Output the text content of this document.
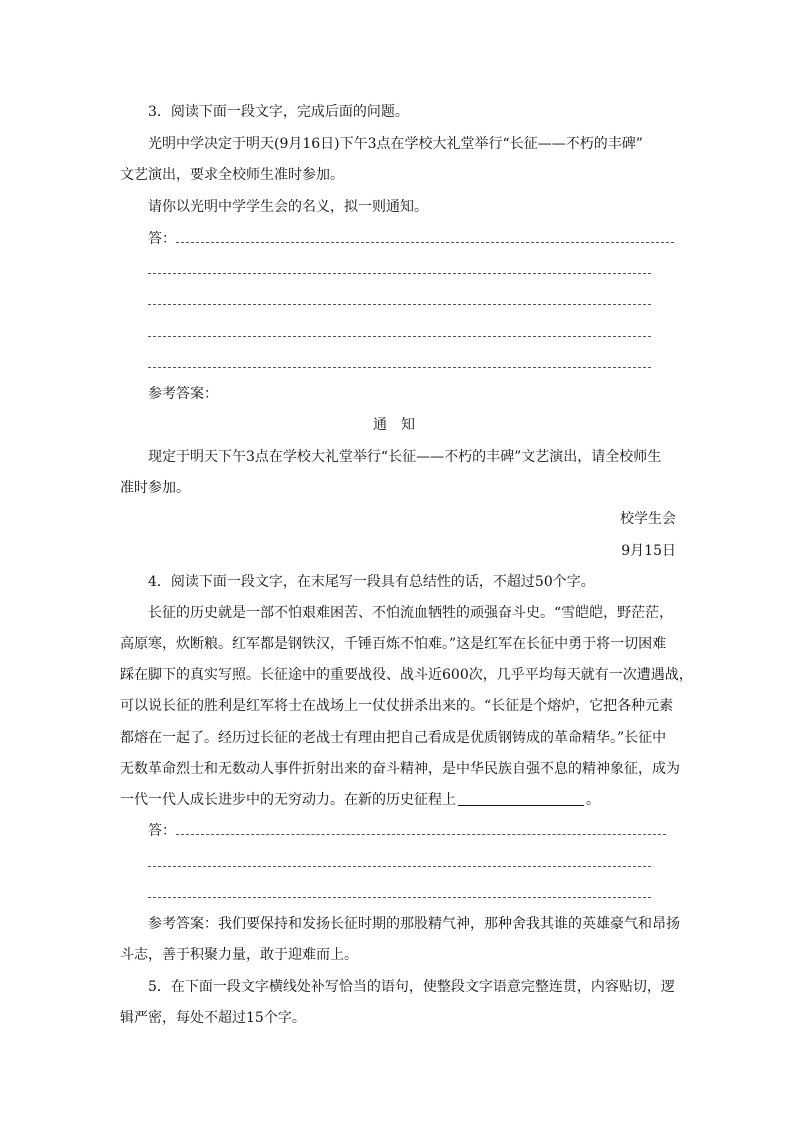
3．阅读下面一段文字，完成后面的问题。
光明中学决定于明天(9月16日)下午3点在学校大礼堂举行“长征——不朽的丰碑”
文艺演出，要求全校师生准时参加。
请你以光明中学学生会的名义，拟一则通知。
答：
参考答案：
通知
现定于明天下午3点在学校大礼堂举行“长征——不朽的丰碑”文艺演出，请全校师生
准时参加。
校学生会
9月15日
4．阅读下面一段文字，在末尾写一段具有总结性的话，不超过50个字。
长征的历史就是一部不怕艰难困苦、不怕流血牺牲的顽强奋斗史。“雪皑皑，野茫茫，
高原寒，炊断粮。红军都是钢铁汉，千锤百炼不怕难。”这是红军在长征中勇于将一切困难
踩在脚下的真实写照。长征途中的重要战役、战斗近600次，几乎平均每天就有一次遭遇战，
可以说长征的胜利是红军将士在战场上一仗仗拼杀出来的。“长征是个熔炉，它把各种元素
都熔在一起了。经历过长征的老战士有理由把自己看成是优质钢铸成的革命精华。”长征中
无数革命烈士和无数动人事件折射出来的奋斗精神，是中华民族自强不息的精神象征，成为
一代一代人成长进步中的无穷动力。在新的历史征程上	。
答：
参考答案：我们要保持和发扬长征时期的那股精气神，那种舍我其谁的英雄豪气和昂扬
斗志，善于积聚力量，敢于迎难而上。
5．在下面一段文字横线处补写恰当的语句，使整段文字语意完整连贯，内容贴切，逻
辑严密，每处不超过15个字。
